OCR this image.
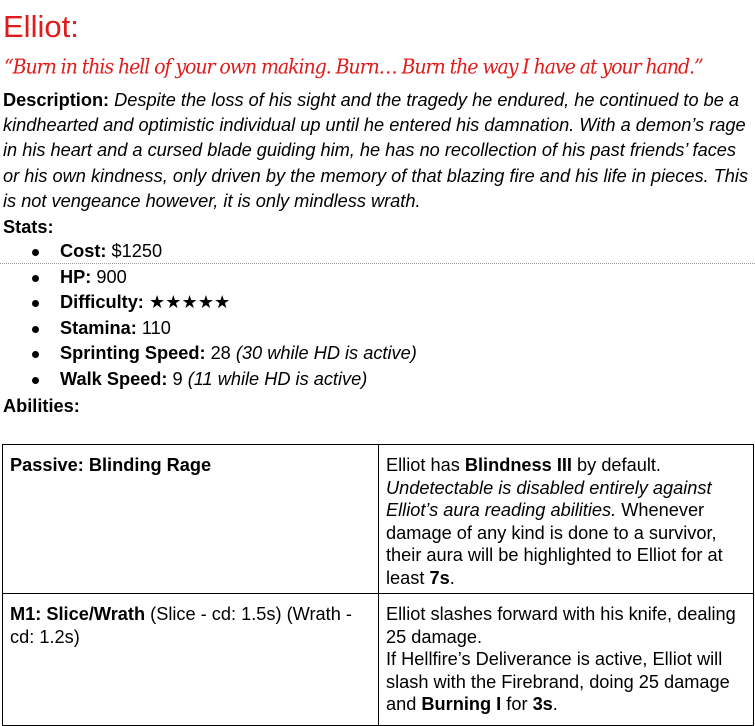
Elliot:
“Burn in this hell of your own making. Burn… Burn the way I have at your hand.”
Description: Despite the loss of his sight and the tragedy he endured, he continued to be a kindhearted and optimistic individual up until he entered his damnation. With a demon’s rage in his heart and a cursed blade guiding him, he has no recollection of his past friends’ faces or his own kindness, only driven by the memory of that blazing fire and his life in pieces. This is not vengeance however, it is only mindless wrath.
Stats:
Cost: $1250
HP: 900
Difficulty: ★★★★★
Stamina: 110
Sprinting Speed: 28 (30 while HD is active)
Walk Speed: 9 (11 while HD is active)
Abilities:
Passive: Blinding Rage	Elliot has Blindness III by default.
Undetectable is disabled entirely against Elliot’s aura reading abilities. Whenever damage of any kind is done to a survivor, their aura will be highlighted to Elliot for at least 7s.
M1: Slice/Wrath (Slice - cd: 1.5s) (Wrath - cd: 1.2s)	Elliot slashes forward with his knife, dealing 25 damage.
If Hellfire’s Deliverance is active, Elliot will slash with the Firebrand, doing 25 damage and Burning I for 3s.
